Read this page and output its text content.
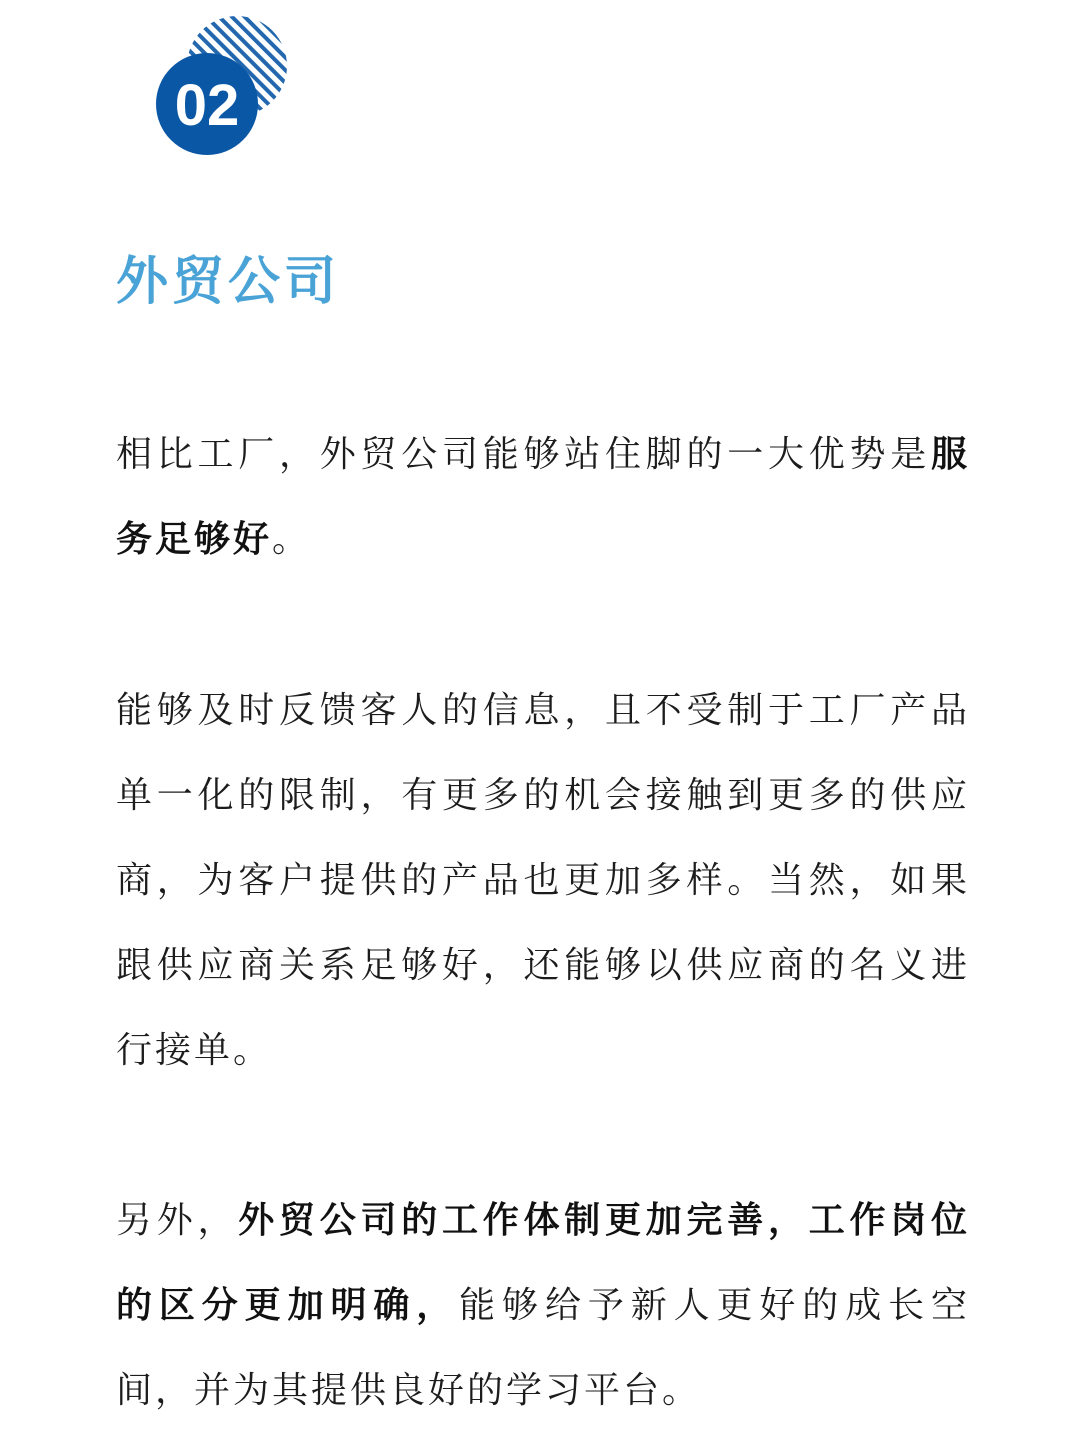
02
外贸公司

相比工厂，外贸公司能够站住脚的一大优势是服务足够好。

能够及时反馈客人的信息，且不受制于工厂产品单一化的限制，有更多的机会接触到更多的供应商，为客户提供的产品也更加多样。当然，如果跟供应商关系足够好，还能够以供应商的名义进行接单。

另外，外贸公司的工作体制更加完善，工作岗位的区分更加明确，能够给予新人更好的成长空间，并为其提供良好的学习平台。
